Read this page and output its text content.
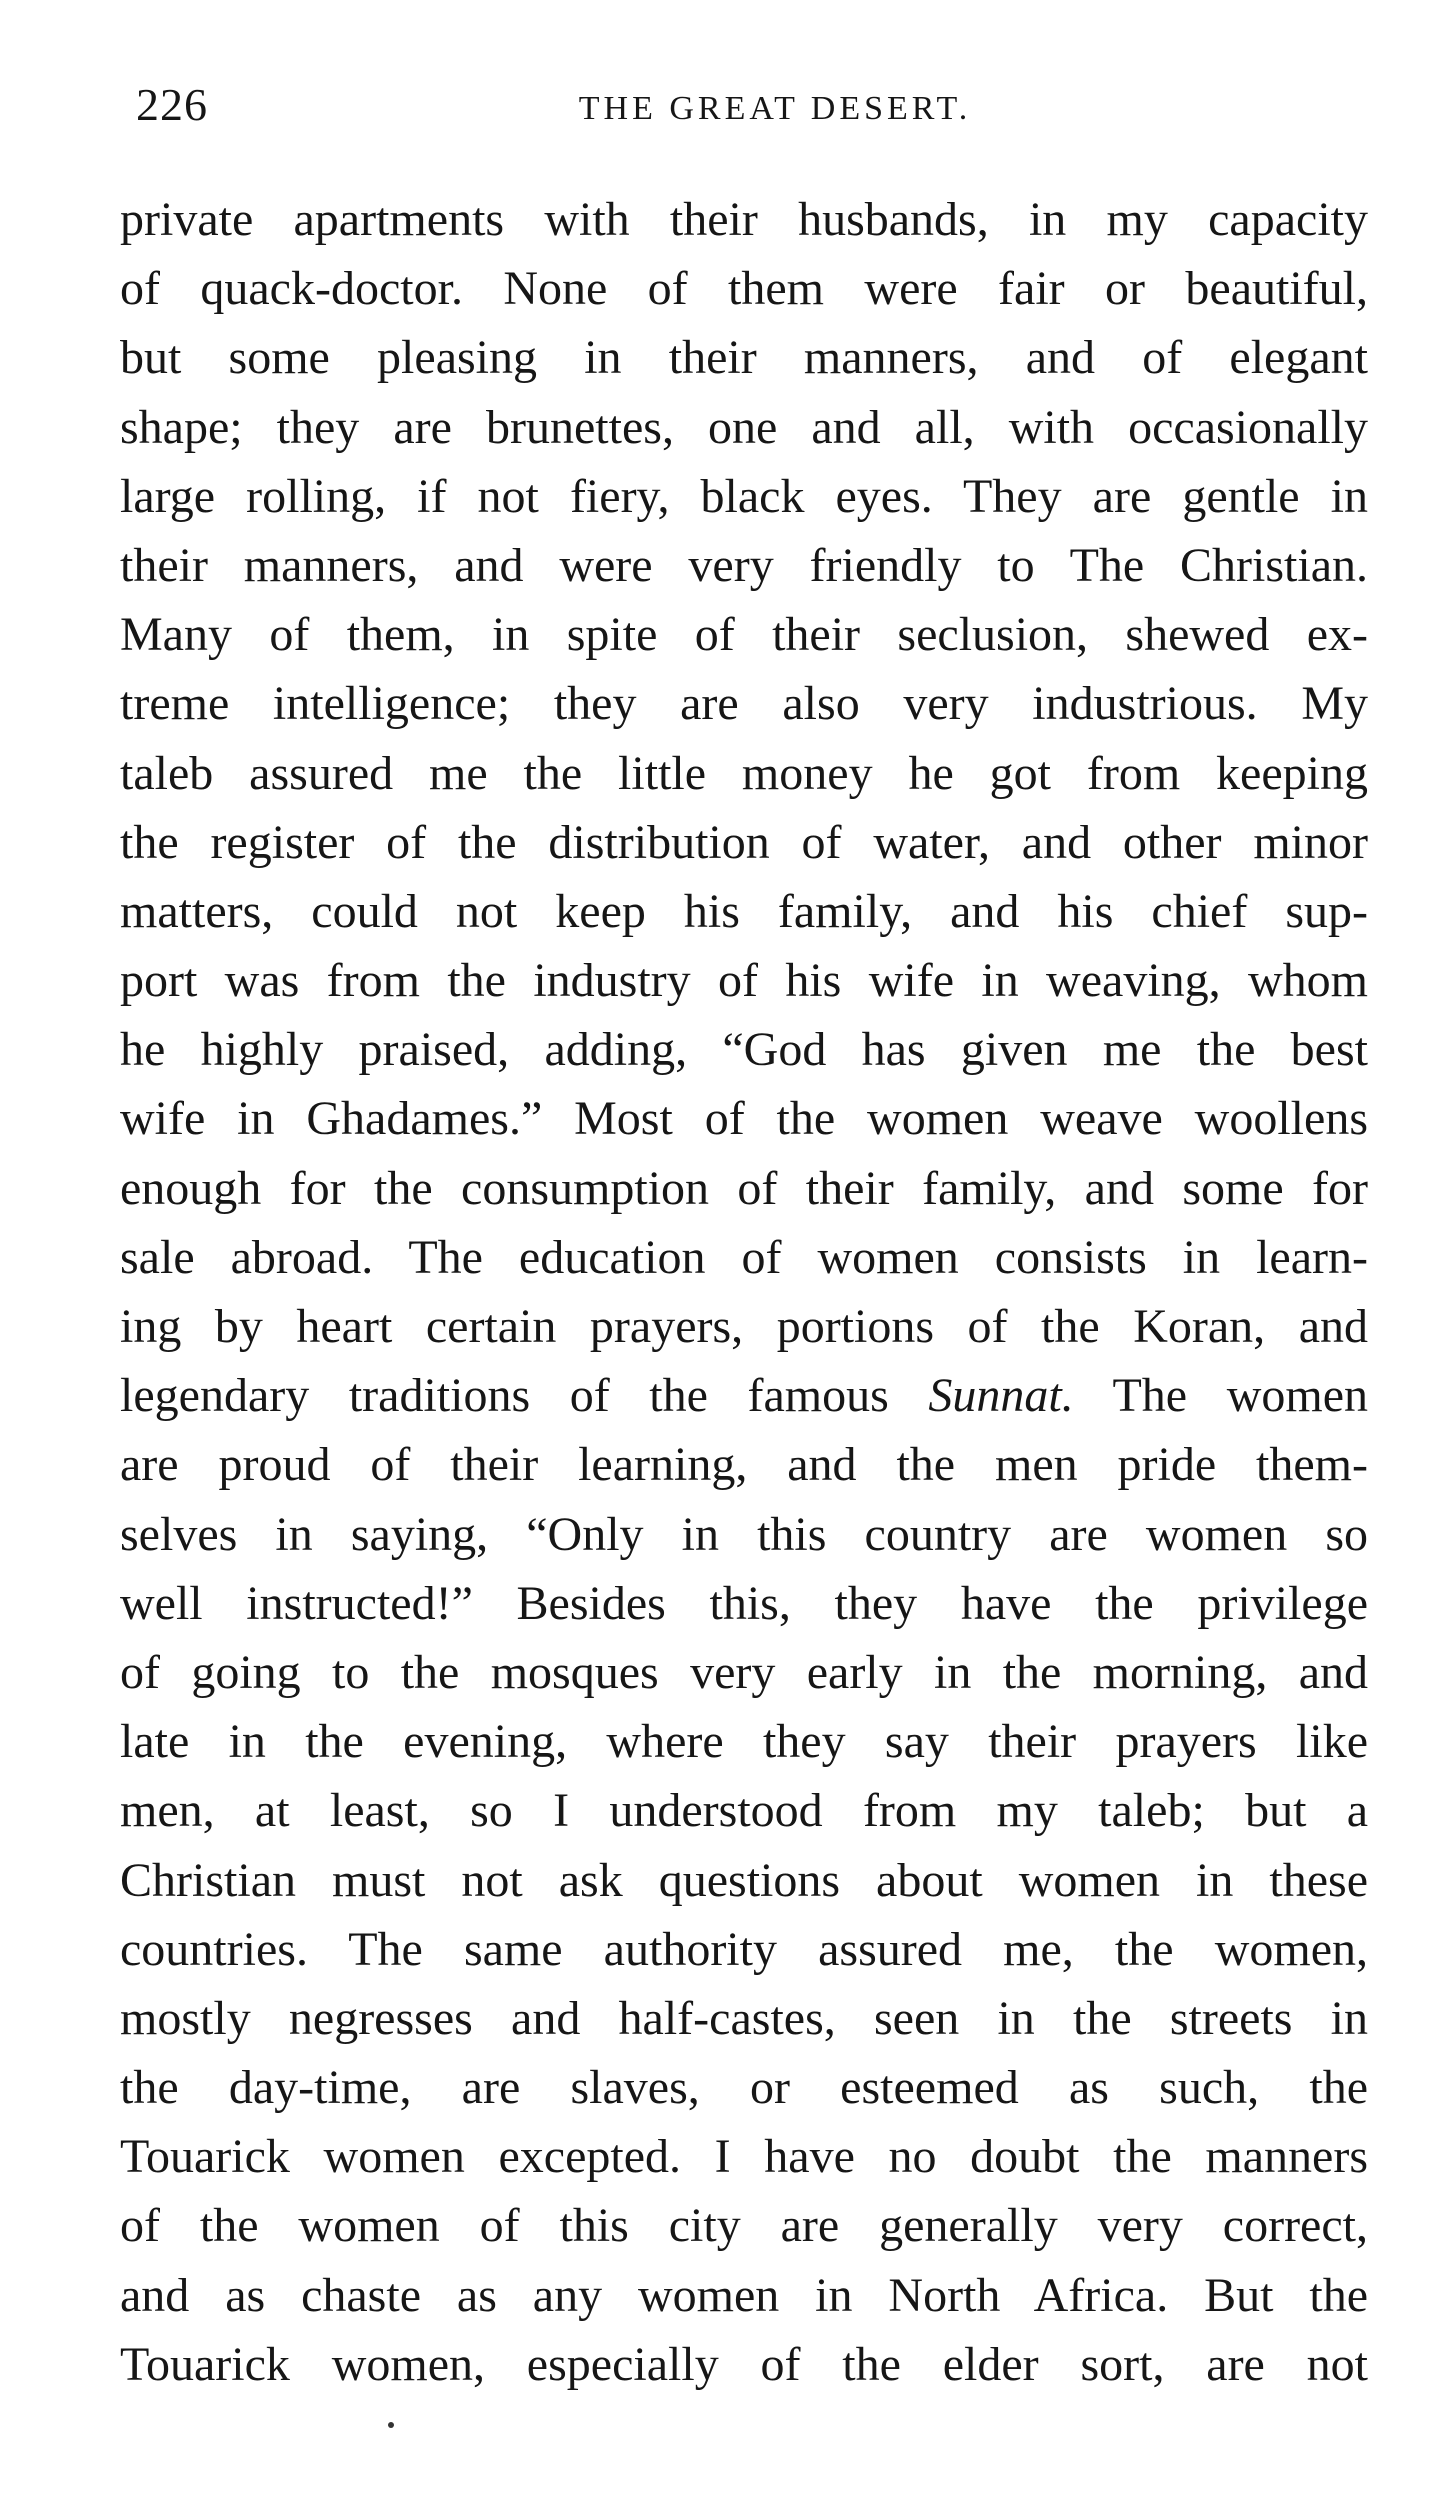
226	THE GREAT DESERT.
private apartments with their husbands, in my capacity
of quack-doctor. None of them were fair or beautiful,
but some pleasing in their manners, and of elegant
shape; they are brunettes, one and all, with occasionally
large rolling, if not fiery, black eyes. They are gentle in
their manners, and were very friendly to The Christian.
Many of them, in spite of their seclusion, shewed ex-
treme intelligence; they are also very industrious. My
taleb assured me the little money he got from keeping
the register of the distribution of water, and other minor
matters, could not keep his family, and his chief sup-
port was from the industry of his wife in weaving, whom
he highly praised, adding, “God has given me the best
wife in Ghadames.” Most of the women weave woollens
enough for the consumption of their family, and some for
sale abroad. The education of women consists in learn-
ing by heart certain prayers, portions of the Koran, and
legendary traditions of the famous Sunnat. The women
are proud of their learning, and the men pride them-
selves in saying, “Only in this country are women so
well instructed!” Besides this, they have the privilege
of going to the mosques very early in the morning, and
late in the evening, where they say their prayers like
men, at least, so I understood from my taleb; but a
Christian must not ask questions about women in these
countries. The same authority assured me, the women,
mostly negresses and half-castes, seen in the streets in
the day-time, are slaves, or esteemed as such, the
Touarick women excepted. I have no doubt the manners
of the women of this city are generally very correct,
and as chaste as any women in North Africa. But the
Touarick women, especially of the elder sort, are not
